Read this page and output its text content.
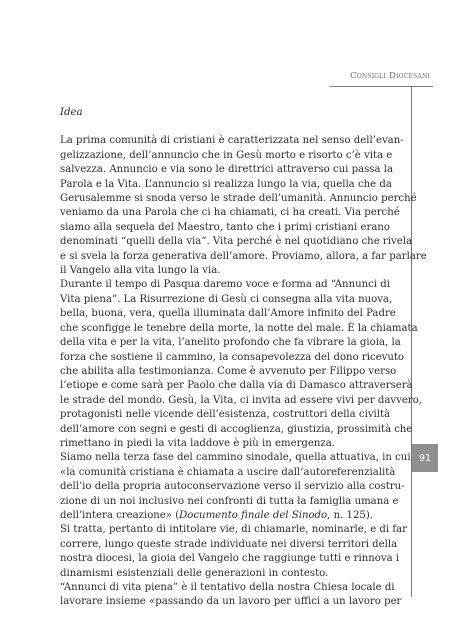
Consigli Diocesani
91
Idea
La prima comunità di cristiani è caratterizzata nel senso dell’evan-
gelizzazione, dell’annuncio che in Gesù morto e risorto c’è vita e
salvezza. Annuncio e via sono le direttrici attraverso cui passa la
Parola e la Vita. L’annuncio si realizza lungo la via, quella che da
Gerusalemme si snoda verso le strade dell’umanità. Annuncio perché
veniamo da una Parola che ci ha chiamati, ci ha creati. Via perché
siamo alla sequela del Maestro, tanto che i primi cristiani erano
denominati “quelli della via”. Vita perché è nel quotidiano che rivela
e si svela la forza generativa dell’amore. Proviamo, allora, a far parlare
il Vangelo alla vita lungo la via.
Durante il tempo di Pasqua daremo voce e forma ad “Annunci di
Vita piena”. La Risurrezione di Gesù ci consegna alla vita nuova,
bella, buona, vera, quella illuminata dall’Amore infinito del Padre
che sconfigge le tenebre della morte, la notte del male. È la chiamata
della vita e per la vita, l’anelito profondo che fa vibrare la gioia, la
forza che sostiene il cammino, la consapevolezza del dono ricevuto
che abilita alla testimonianza. Come è avvenuto per Filippo verso
l’etiope e come sarà per Paolo che dalla via di Damasco attraverserà
le strade del mondo. Gesù, la Vita, ci invita ad essere vivi per davvero,
protagonisti nelle vicende dell’esistenza, costruttori della civiltà
dell’amore con segni e gesti di accoglienza, giustizia, prossimità che
rimettano in piedi la vita laddove è più in emergenza.
Siamo nella terza fase del cammino sinodale, quella attuativa, in cui
«la comunità cristiana è chiamata a uscire dall’autoreferenzialità
dell’io della propria autoconservazione verso il servizio alla costru-
zione di un noi inclusivo nei confronti di tutta la famiglia umana e
dell’intera creazione» (Documento finale del Sinodo, n. 125).
Si tratta, pertanto di intitolare vie, di chiamarle, nominarle, e di far
correre, lungo queste strade individuate nei diversi territori della
nostra diocesi, la gioia del Vangelo che raggiunge tutti e rinnova i
dinamismi esistenziali delle generazioni in contesto.
“Annunci di vita piena” è il tentativo della nostra Chiesa locale di
lavorare insieme «passando da un lavoro per uffici a un lavoro per
